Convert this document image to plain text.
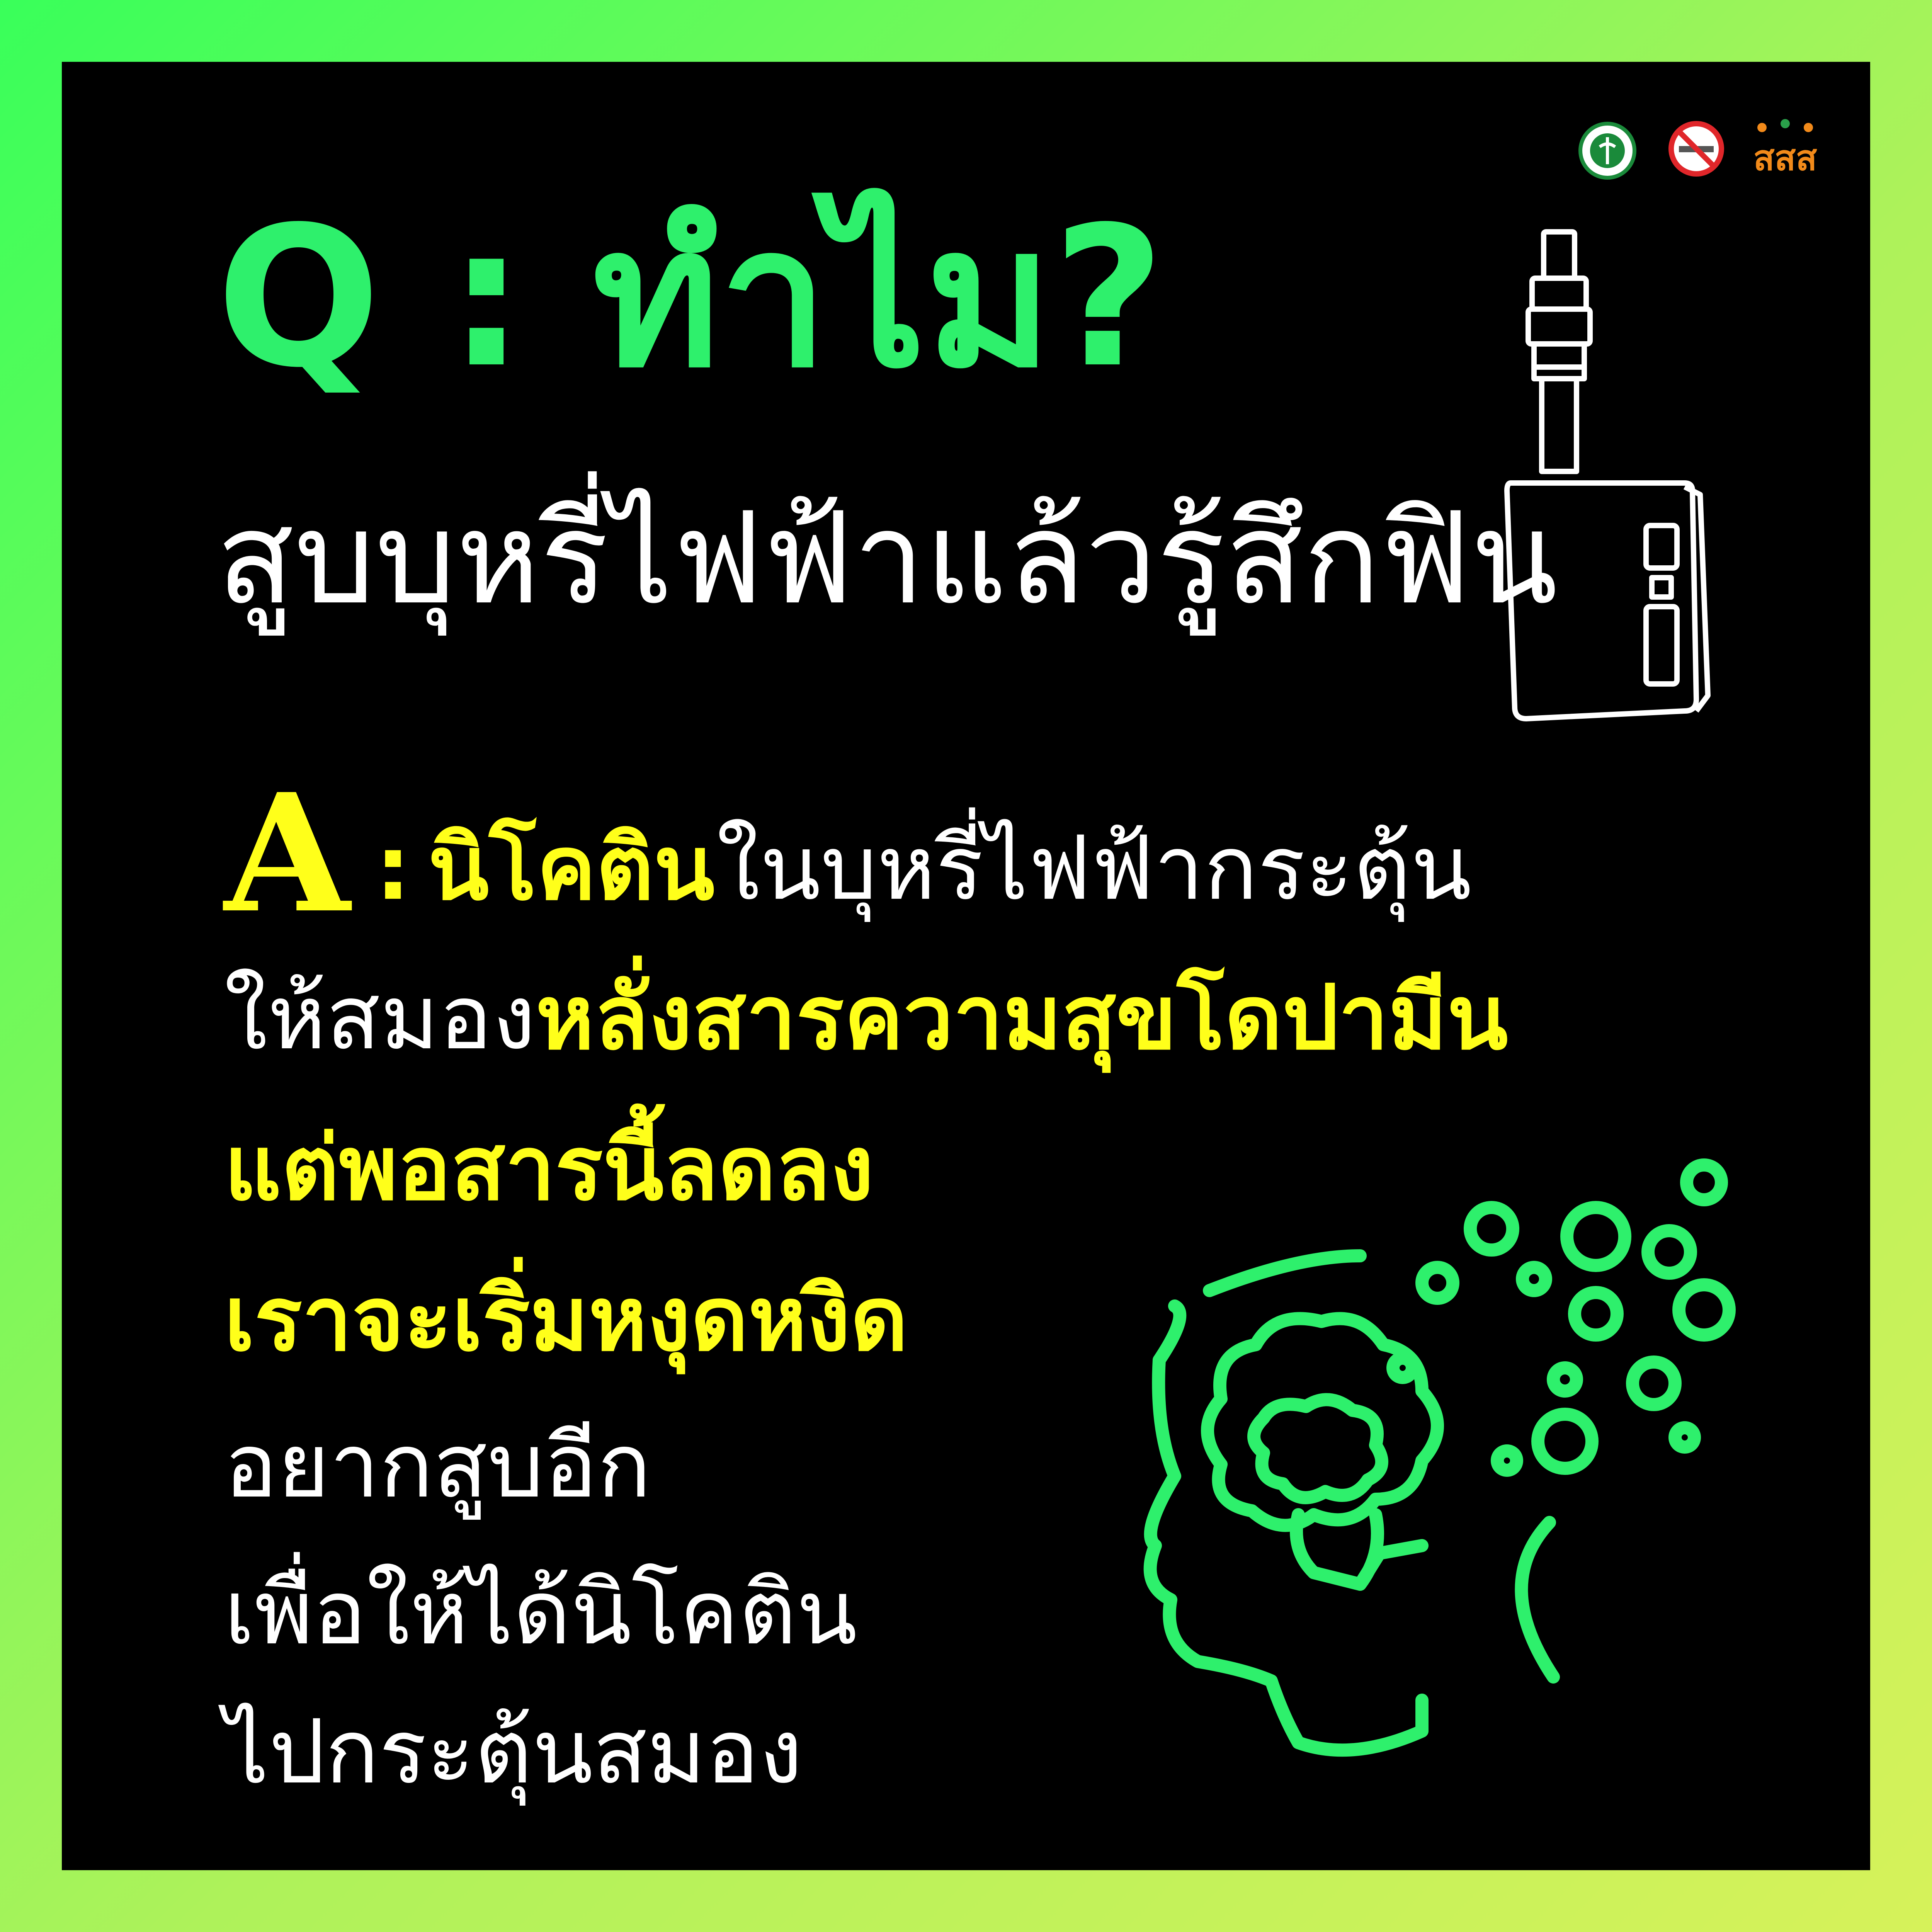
สสส
Q : ทำไม?
สูบบุหรี่ไฟฟ้าแล้วรู้สึกฟิน
A : นิโคติน ในบุหรี่ไฟฟ้ากระตุ้น
ให้สมองหลั่งสารความสุขโดปามีน
แต่พอสารนี้ลดลง
เราจะเริ่มหงุดหงิด
อยากสูบอีก
เพื่อให้ได้นิโคติน
ไปกระตุ้นสมอง
